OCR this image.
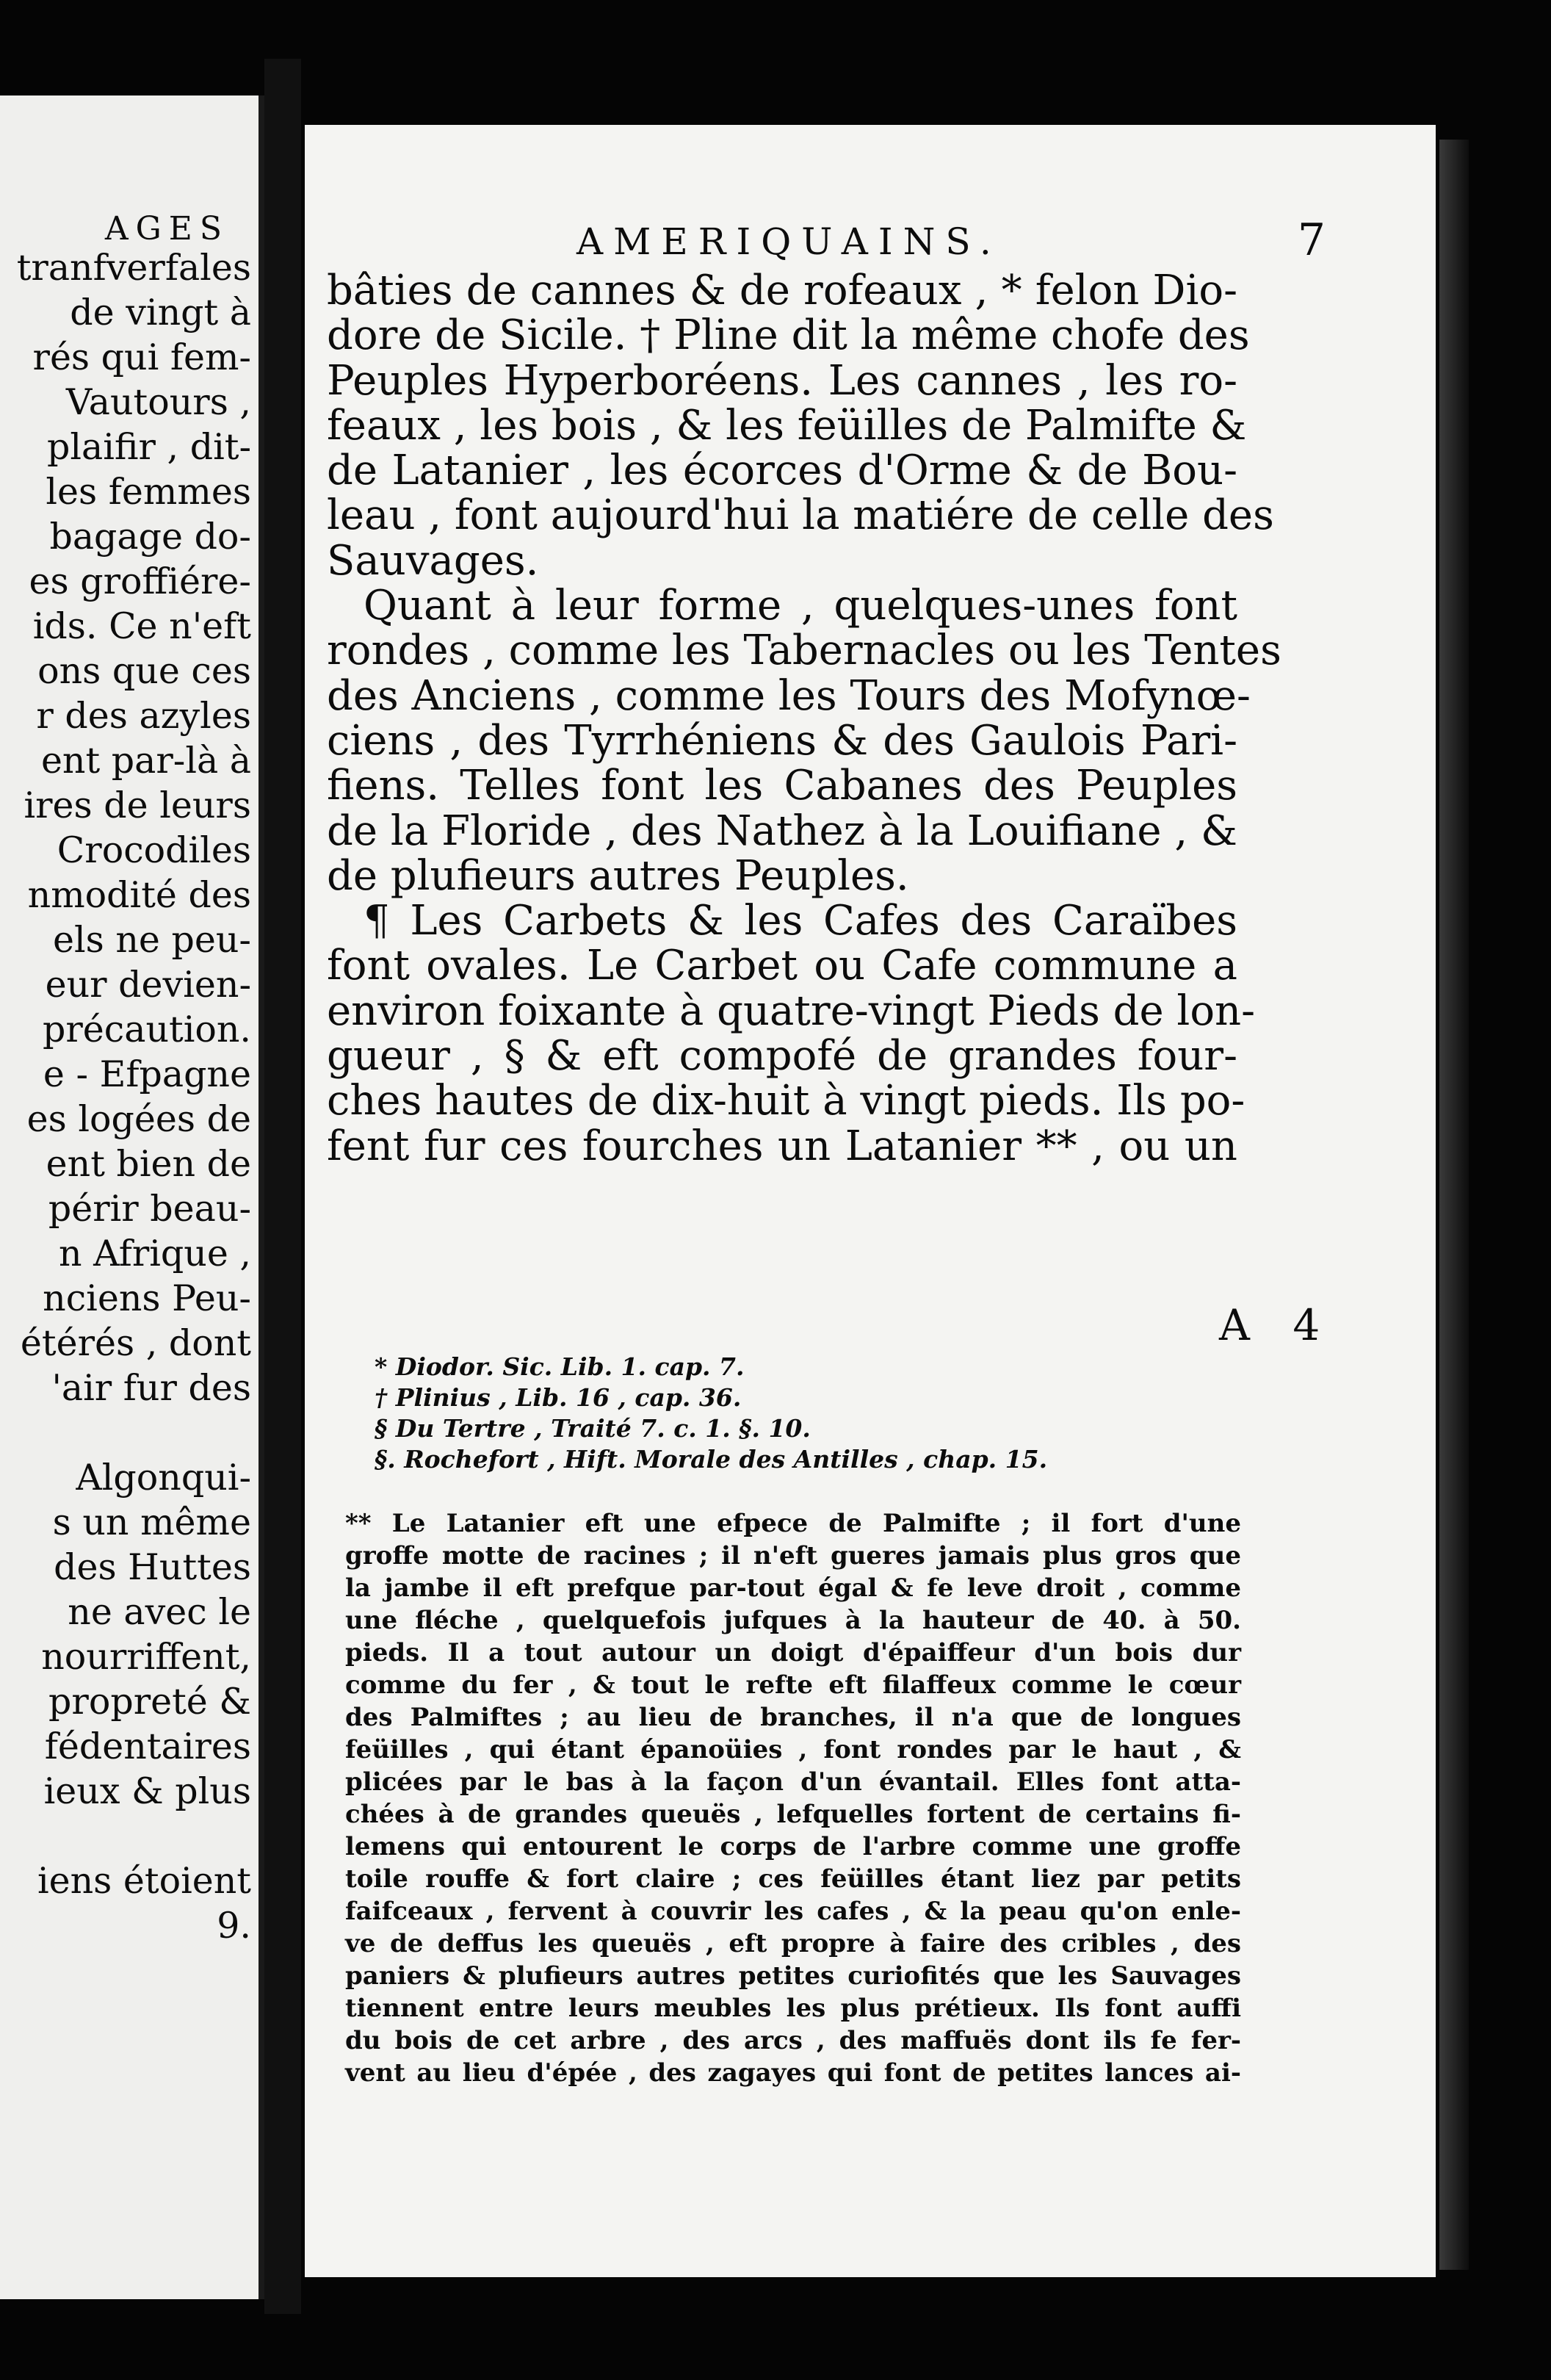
AGES
tranfverfales
de vingt à
rés qui fem-
Vautours ,
plaifir , dit-
les femmes
bagage do-
es groffiére-
ids. Ce n'eft
ons que ces
r des azyles
ent par-là à
ires de leurs
Crocodiles
nmodité des
els ne peu-
eur devien-
précaution.
e - Efpagne
es logées de
ent bien de
périr beau-
n Afrique ,
nciens Peu-
étérés , dont
'air fur des
Algonqui-
s un même
des Huttes
ne avec le
nourriffent,
propreté &
fédentaires
ieux & plus
iens étoient
9.
AMERIQUAINS.	7
bâties de cannes & de rofeaux , * felon Dio-
dore de Sicile. † Pline dit la même chofe des
Peuples Hyperboréens. Les cannes , les ro-
feaux , les bois , & les feüilles de Palmifte &
de Latanier , les écorces d'Orme & de Bou-
leau , font aujourd'hui la matiére de celle des
Sauvages.
Quant à leur forme , quelques-unes font
rondes , comme les Tabernacles ou les Tentes
des Anciens , comme les Tours des Mofynœ-
ciens , des Tyrrhéniens & des Gaulois Pari-
fiens. Telles font les Cabanes des Peuples
de la Floride , des Nathez à la Louifiane , &
de plufieurs autres Peuples.
¶ Les Carbets & les Cafes des Caraïbes
font ovales. Le Carbet ou Cafe commune a
environ foixante à quatre-vingt Pieds de lon-
gueur , § & eft compofé de grandes four-
ches hautes de dix-huit à vingt pieds. Ils po-
fent fur ces fourches un Latanier ** , ou un
A 4
* Diodor. Sic. Lib. 1. cap. 7.
† Plinius , Lib. 16 , cap. 36.
§ Du Tertre , Traité 7. c. 1. §. 10.
§. Rochefort , Hift. Morale des Antilles , chap. 15.
** Le Latanier eft une efpece de Palmifte ; il fort d'une
groffe motte de racines ; il n'eft gueres jamais plus gros que
la jambe il eft prefque par-tout égal & fe leve droit , comme
une fléche , quelquefois jufques à la hauteur de 40. à 50.
pieds. Il a tout autour un doigt d'épaiffeur d'un bois dur
comme du fer , & tout le refte eft filaffeux comme le cœur
des Palmiftes ; au lieu de branches, il n'a que de longues
feüilles , qui étant épanoüies , font rondes par le haut , &
plicées par le bas à la façon d'un évantail. Elles font atta-
chées à de grandes queuës , lefquelles fortent de certains fi-
lemens qui entourent le corps de l'arbre comme une groffe
toile rouffe & fort claire ; ces feüilles étant liez par petits
faifceaux , fervent à couvrir les cafes , & la peau qu'on enle-
ve de deffus les queuës , eft propre à faire des cribles , des
paniers & plufieurs autres petites curiofités que les Sauvages
tiennent entre leurs meubles les plus prétieux. Ils font auffi
du bois de cet arbre , des arcs , des maffuës dont ils fe fer-
vent au lieu d'épée , des zagayes qui font de petites lances ai-
